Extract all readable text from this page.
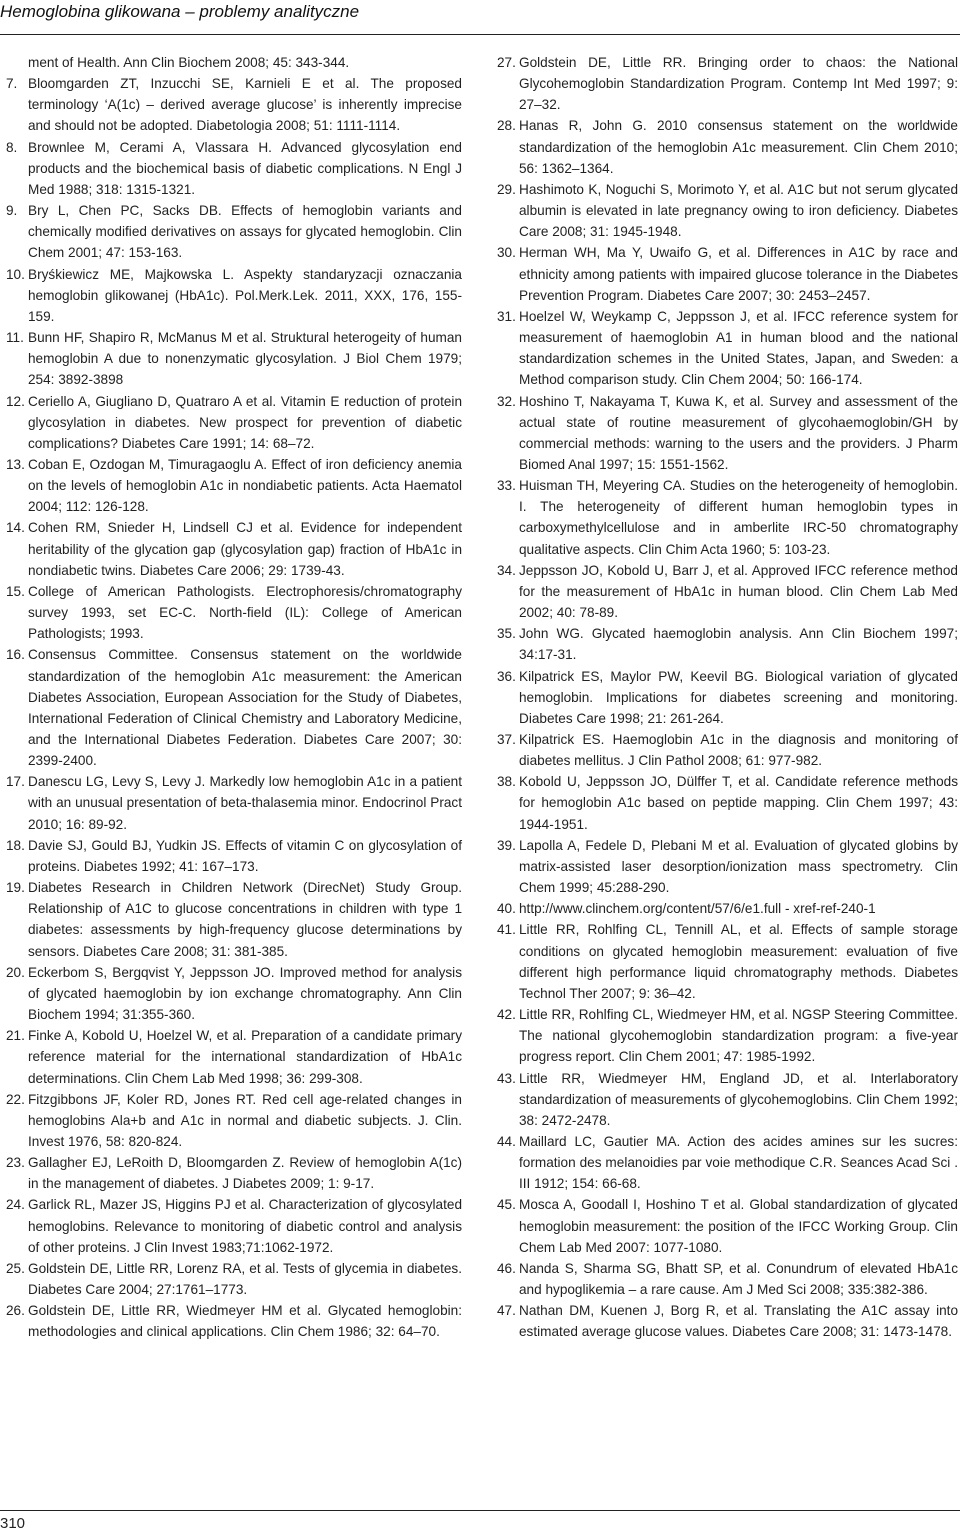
Hemoglobina glikowana – problemy analityczne
ment of Health. Ann Clin Biochem 2008; 45: 343-344.
7. Bloomgarden ZT, Inzucchi SE, Karnieli E et al. The proposed terminology ‘A(1c) – derived average glucose’ is inherently imprecise and should not be adopted. Diabetologia 2008; 51: 1111-1114.
8. Brownlee M, Cerami A, Vlassara H. Advanced glycosylation end products and the biochemical basis of diabetic complications. N Engl J Med 1988; 318: 1315-1321.
9. Bry L, Chen PC, Sacks DB. Effects of hemoglobin variants and chemically modified derivatives on assays for glycated hemoglobin. Clin Chem 2001; 47: 153-163.
10. Bryśkiewicz ME, Majkowska L. Aspekty standaryzacji oznaczania hemoglobin glikowanej (HbA1c). Pol.Merk.Lek. 2011, XXX, 176, 155-159.
11. Bunn HF, Shapiro R, McManus M et al. Struktural heterogeity of human hemoglobin A due to nonenzymatic glycosylation. J Biol Chem 1979; 254: 3892-3898
12. Ceriello A, Giugliano D, Quatraro A et al. Vitamin E reduction of protein glycosylation in diabetes. New prospect for prevention of diabetic complications? Diabetes Care 1991; 14: 68–72.
13. Coban E, Ozdogan M, Timuragaoglu A. Effect of iron deficiency anemia on the levels of hemoglobin A1c in nondiabetic patients. Acta Haematol 2004; 112: 126-128.
14. Cohen RM, Snieder H, Lindsell CJ et al. Evidence for independent heritability of the glycation gap (glycosylation gap) fraction of HbA1c in nondiabetic twins. Diabetes Care 2006; 29: 1739-43.
15. College of American Pathologists. Electrophoresis/chromatography survey 1993, set EC-C. North-field (IL): College of American Pathologists; 1993.
16. Consensus Committee. Consensus statement on the worldwide standardization of the hemoglobin A1c measurement: the American Diabetes Association, European Association for the Study of Diabetes, International Federation of Clinical Chemistry and Laboratory Medicine, and the International Diabetes Federation. Diabetes Care 2007; 30: 2399-2400.
17. Danescu LG, Levy S, Levy J. Markedly low hemoglobin A1c in a patient with an unusual presentation of beta-thalasemia minor. Endocrinol Pract 2010; 16: 89-92.
18. Davie SJ, Gould BJ, Yudkin JS. Effects of vitamin C on glycosylation of proteins. Diabetes 1992; 41: 167–173.
19. Diabetes Research in Children Network (DirecNet) Study Group. Relationship of A1C to glucose concentrations in children with type 1 diabetes: assessments by high-frequency glucose determinations by sensors. Diabetes Care 2008; 31: 381-385.
20. Eckerbom S, Bergqvist Y, Jeppsson JO. Improved method for analysis of glycated haemoglobin by ion exchange chromatography. Ann Clin Biochem 1994; 31:355-360.
21. Finke A, Kobold U, Hoelzel W, et al. Preparation of a candidate primary reference material for the international standardization of HbA1c determinations. Clin Chem Lab Med 1998; 36: 299-308.
22. Fitzgibbons JF, Koler RD, Jones RT. Red cell age-related changes in hemoglobins Ala+b and A1c in normal and diabetic subjects. J. Clin. Invest 1976, 58: 820-824.
23. Gallagher EJ, LeRoith D, Bloomgarden Z. Review of hemoglobin A(1c) in the management of diabetes. J Diabetes 2009; 1: 9-17.
24. Garlick RL, Mazer JS, Higgins PJ et al. Characterization of glycosylated hemoglobins. Relevance to monitoring of diabetic control and analysis of other proteins. J Clin Invest 1983;71:1062-1972.
25. Goldstein DE, Little RR, Lorenz RA, et al. Tests of glycemia in diabetes. Diabetes Care 2004; 27:1761–1773.
26. Goldstein DE, Little RR, Wiedmeyer HM et al. Glycated hemoglobin: methodologies and clinical applications. Clin Chem 1986; 32: 64–70.
27. Goldstein DE, Little RR. Bringing order to chaos: the National Glycohemoglobin Standardization Program. Contemp Int Med 1997; 9: 27–32.
28. Hanas R, John G. 2010 consensus statement on the worldwide standardization of the hemoglobin A1c measurement. Clin Chem 2010; 56: 1362–1364.
29. Hashimoto K, Noguchi S, Morimoto Y, et al. A1C but not serum glycated albumin is elevated in late pregnancy owing to iron deficiency. Diabetes Care 2008; 31: 1945-1948.
30. Herman WH, Ma Y, Uwaifo G, et al. Differences in A1C by race and ethnicity among patients with impaired glucose tolerance in the Diabetes Prevention Program. Diabetes Care 2007; 30: 2453–2457.
31. Hoelzel W, Weykamp C, Jeppsson J, et al. IFCC reference system for measurement of haemoglobin A1 in human blood and the national standardization schemes in the United States, Japan, and Sweden: a Method comparison study. Clin Chem 2004; 50: 166-174.
32. Hoshino T, Nakayama T, Kuwa K, et al. Survey and assessment of the actual state of routine measurement of glycohaemoglobin/GH by commercial methods: warning to the users and the providers. J Pharm Biomed Anal 1997; 15: 1551-1562.
33. Huisman TH, Meyering CA. Studies on the heterogeneity of hemoglobin. I. The heterogeneity of different human hemoglobin types in carboxymethylcellulose and in amberlite IRC-50 chromatography qualitative aspects. Clin Chim Acta 1960; 5: 103-23.
34. Jeppsson JO, Kobold U, Barr J, et al. Approved IFCC reference method for the measurement of HbA1c in human blood. Clin Chem Lab Med 2002; 40: 78-89.
35. John WG. Glycated haemoglobin analysis. Ann Clin Biochem 1997; 34:17-31.
36. Kilpatrick ES, Maylor PW, Keevil BG. Biological variation of glycated hemoglobin. Implications for diabetes screening and monitoring. Diabetes Care 1998; 21: 261-264.
37. Kilpatrick ES. Haemoglobin A1c in the diagnosis and monitoring of diabetes mellitus. J Clin Pathol 2008; 61: 977-982.
38. Kobold U, Jeppsson JO, Dülffer T, et al. Candidate reference methods for hemoglobin A1c based on peptide mapping. Clin Chem 1997; 43: 1944-1951.
39. Lapolla A, Fedele D, Plebani M et al. Evaluation of glycated globins by matrix-assisted laser desorption/ionization mass spectrometry. Clin Chem 1999; 45:288-290.
40. http://www.clinchem.org/content/57/6/e1.full - xref-ref-240-1
41. Little RR, Rohlfing CL, Tennill AL, et al. Effects of sample storage conditions on glycated hemoglobin measurement: evaluation of five different high performance liquid chromatography methods. Diabetes Technol Ther 2007; 9: 36–42.
42. Little RR, Rohlfing CL, Wiedmeyer HM, et al. NGSP Steering Committee. The national glycohemoglobin standardization program: a five-year progress report. Clin Chem 2001; 47: 1985-1992.
43. Little RR, Wiedmeyer HM, England JD, et al. Interlaboratory standardization of measurements of glycohemoglobins. Clin Chem 1992; 38: 2472-2478.
44. Maillard LC, Gautier MA. Action des acides amines sur les sucres: formation des melanoidies par voie methodique C.R. Seances Acad Sci . III 1912; 154: 66-68.
45. Mosca A, Goodall I, Hoshino T et al. Global standardization of glycated hemoglobin measurement: the position of the IFCC Working Group. Clin Chem Lab Med 2007: 1077-1080.
46. Nanda S, Sharma SG, Bhatt SP, et al. Conundrum of elevated HbA1c and hypoglikemia – a rare cause. Am J Med Sci 2008; 335:382-386.
47. Nathan DM, Kuenen J, Borg R, et al. Translating the A1C assay into estimated average glucose values. Diabetes Care 2008; 31: 1473-1478.
310
